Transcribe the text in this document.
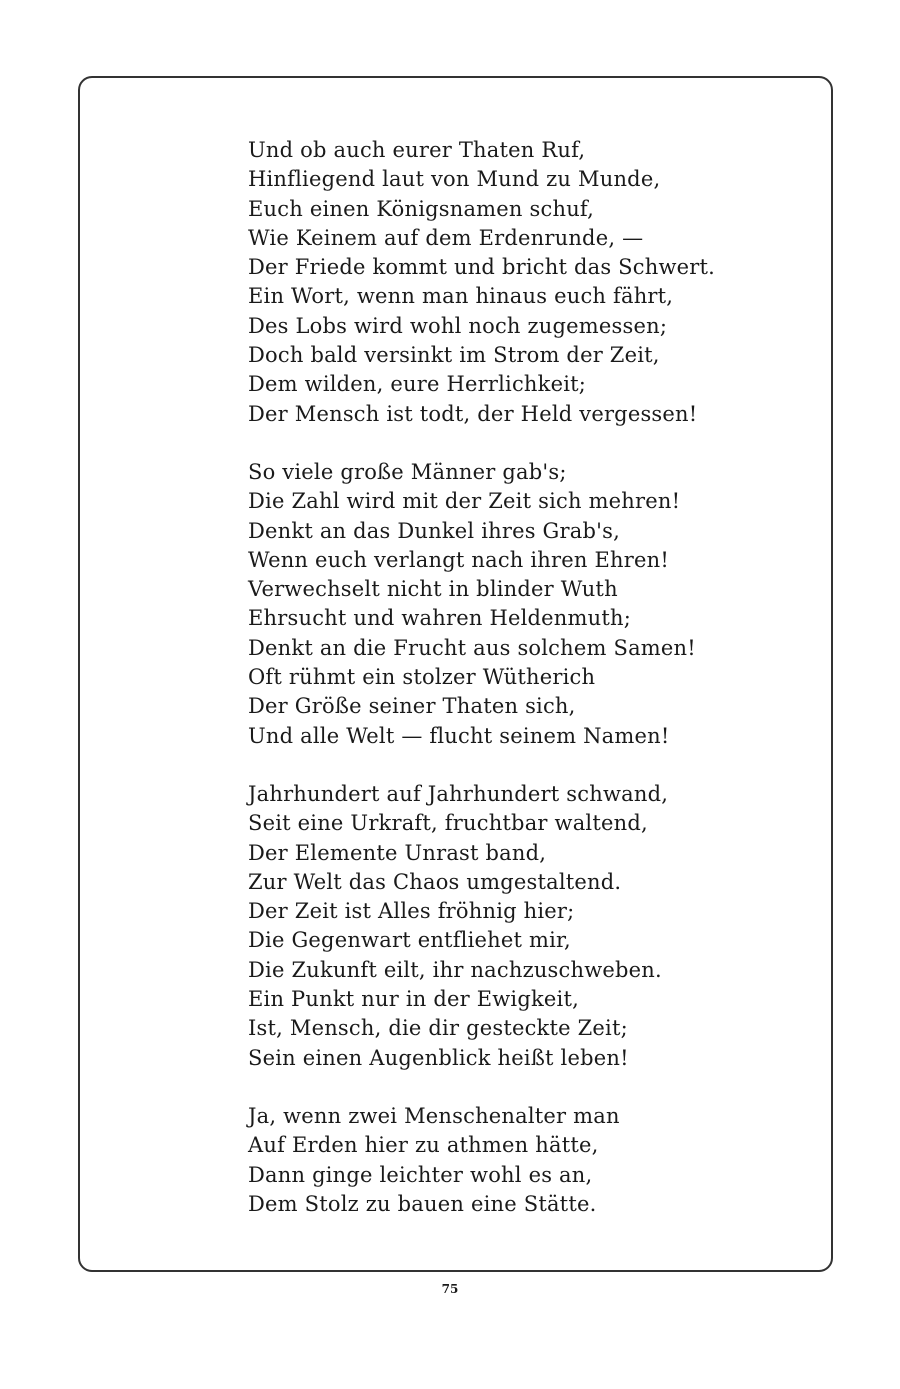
Und ob auch eurer Thaten Ruf,
Hinfliegend laut von Mund zu Munde,
Euch einen Königsnamen schuf,
Wie Keinem auf dem Erdenrunde, —
Der Friede kommt und bricht das Schwert.
Ein Wort, wenn man hinaus euch fährt,
Des Lobs wird wohl noch zugemessen;
Doch bald versinkt im Strom der Zeit,
Dem wilden, eure Herrlichkeit;
Der Mensch ist todt, der Held vergessen!
So viele große Männer gab's;
Die Zahl wird mit der Zeit sich mehren!
Denkt an das Dunkel ihres Grab's,
Wenn euch verlangt nach ihren Ehren!
Verwechselt nicht in blinder Wuth
Ehrsucht und wahren Heldenmuth;
Denkt an die Frucht aus solchem Samen!
Oft rühmt ein stolzer Wütherich
Der Größe seiner Thaten sich,
Und alle Welt — flucht seinem Namen!
Jahrhundert auf Jahrhundert schwand,
Seit eine Urkraft, fruchtbar waltend,
Der Elemente Unrast band,
Zur Welt das Chaos umgestaltend.
Der Zeit ist Alles fröhnig hier;
Die Gegenwart entfliehet mir,
Die Zukunft eilt, ihr nachzuschweben.
Ein Punkt nur in der Ewigkeit,
Ist, Mensch, die dir gesteckte Zeit;
Sein einen Augenblick heißt leben!
Ja, wenn zwei Menschenalter man
Auf Erden hier zu athmen hätte,
Dann ginge leichter wohl es an,
Dem Stolz zu bauen eine Stätte.
75
